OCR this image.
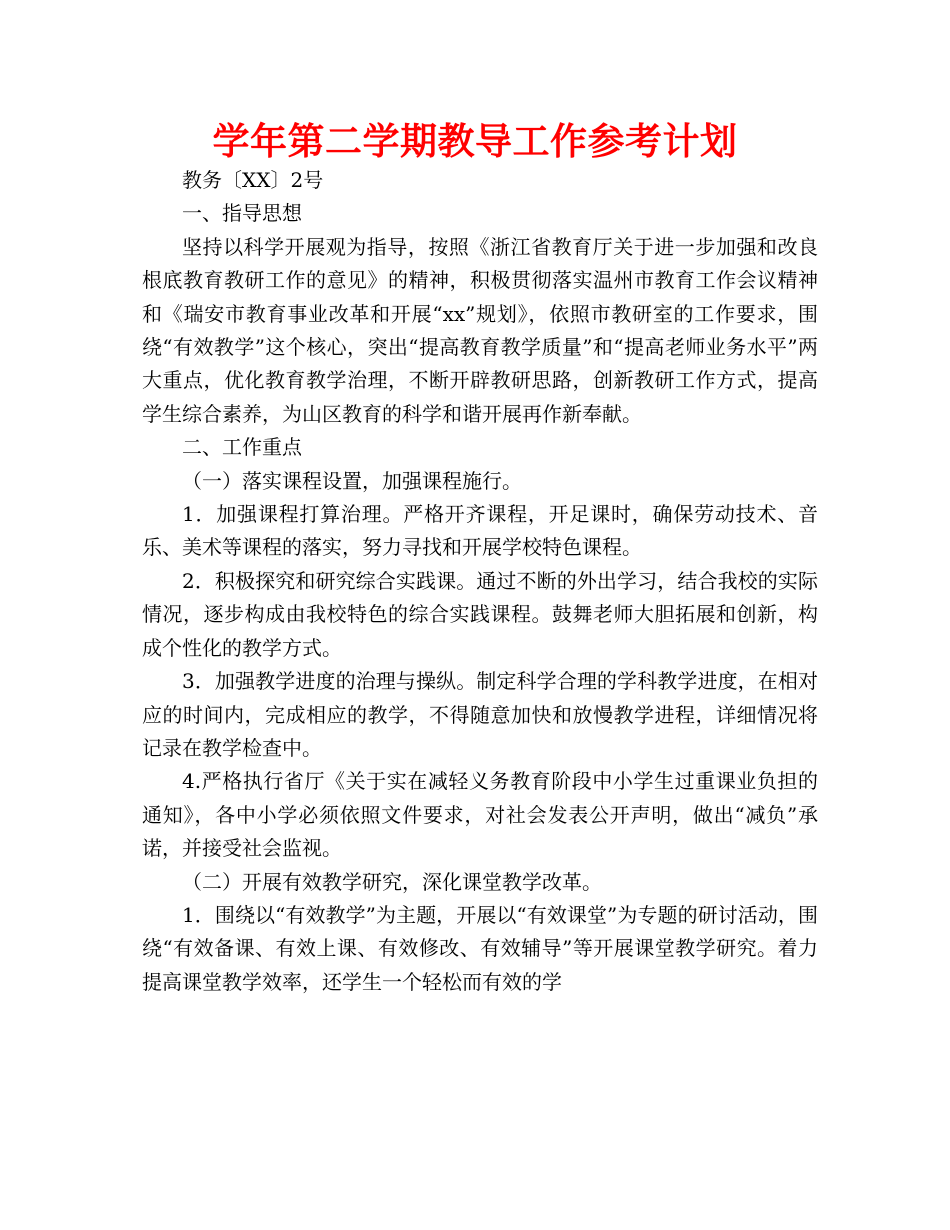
学年第二学期教导工作参考计划

教务〔XX〕2号

一、指导思想

坚持以科学开展观为指导，按照《浙江省教育厅关于进一步加强和改良根底教育教研工作的意见》的精神，积极贯彻落实温州市教育工作会议精神和《瑞安市教育事业改革和开展“xx”规划》，依照市教研室的工作要求，围绕“有效教学”这个核心，突出“提高教育教学质量”和“提高老师业务水平”两大重点，优化教育教学治理，不断开辟教研思路，创新教研工作方式，提高学生综合素养，为山区教育的科学和谐开展再作新奉献。

二、工作重点

（一）落实课程设置，加强课程施行。

1．加强课程打算治理。严格开齐课程，开足课时，确保劳动技术、音乐、美术等课程的落实，努力寻找和开展学校特色课程。

2．积极探究和研究综合实践课。通过不断的外出学习，结合我校的实际情况，逐步构成由我校特色的综合实践课程。鼓舞老师大胆拓展和创新，构成个性化的教学方式。

3．加强教学进度的治理与操纵。制定科学合理的学科教学进度，在相对应的时间内，完成相应的教学，不得随意加快和放慢教学进程，详细情况将记录在教学检查中。

4.严格执行省厅《关于实在减轻义务教育阶段中小学生过重课业负担的通知》，各中小学必须依照文件要求，对社会发表公开声明，做出“减负”承诺，并接受社会监视。

（二）开展有效教学研究，深化课堂教学改革。

1．围绕以“有效教学”为主题，开展以“有效课堂”为专题的研讨活动，围绕“有效备课、有效上课、有效修改、有效辅导”等开展课堂教学研究。着力提高课堂教学效率，还学生一个轻松而有效的学
